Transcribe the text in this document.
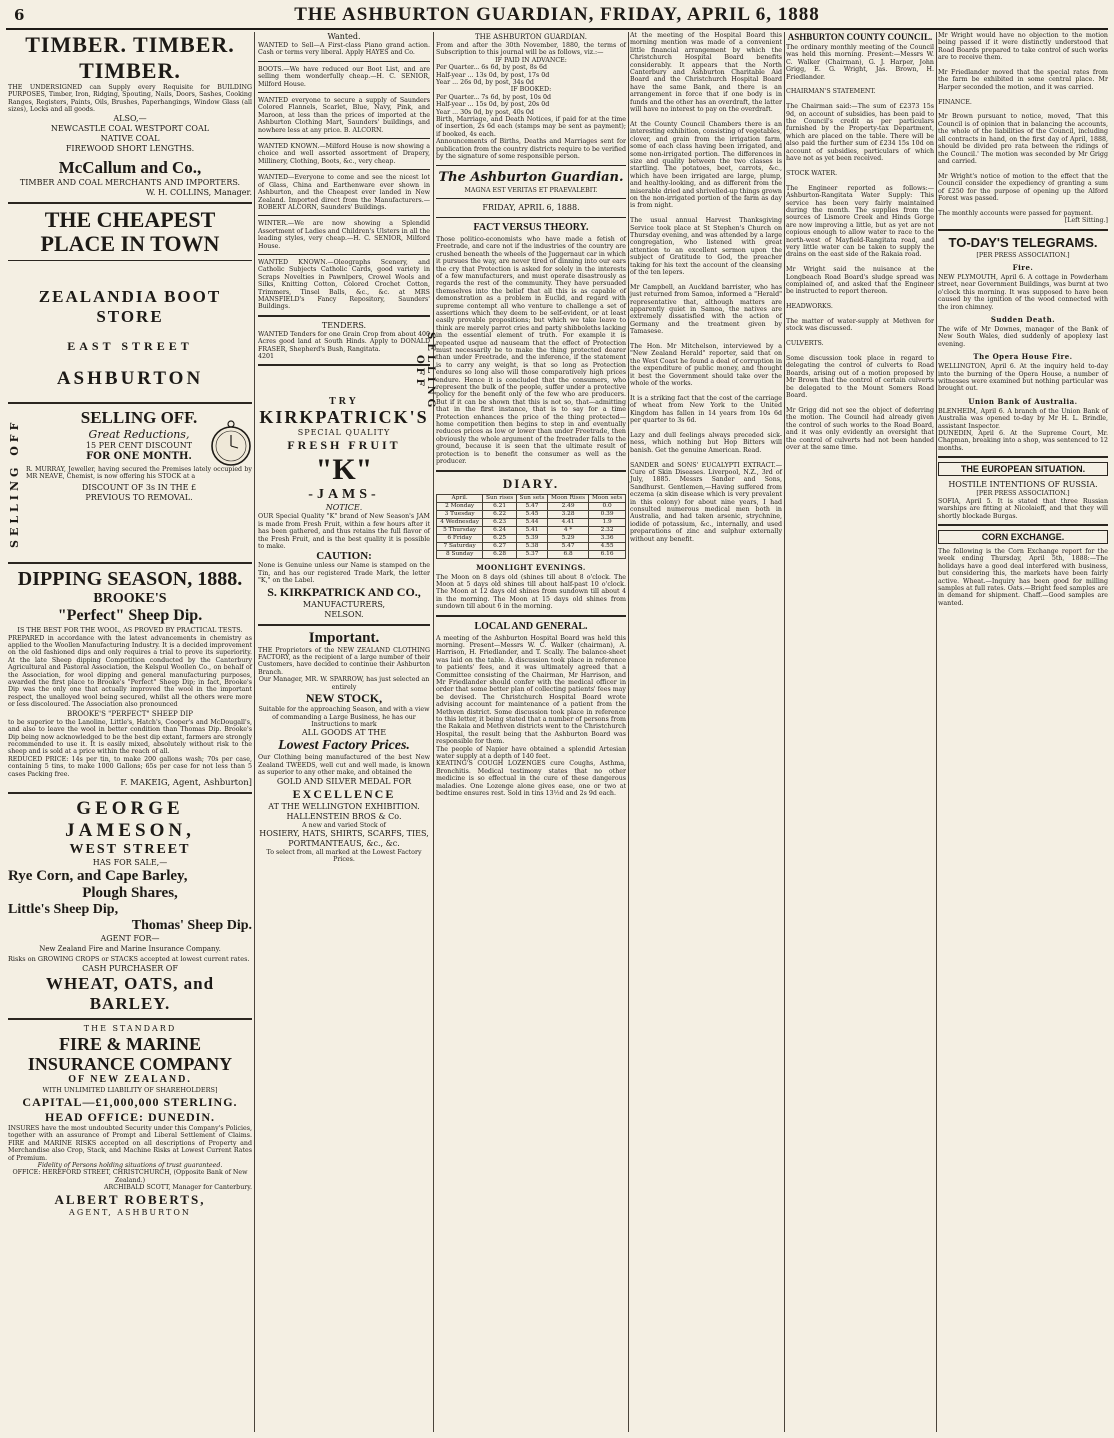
6	THE ASHBURTON GUARDIAN, FRIDAY, APRIL 6, 1888
TIMBER. TIMBER. TIMBER.
THE UNDERSIGNED can Supply every Requisite for BUILDING PURPOSES, Timber, Iron, Ridging, Spouting, Nails, Doors, Sashes, Cooking Ranges, Registers, Paints, Oils, Brushes, Paperhangings, Window Glass (all sizes), Locks and all goods.
ALSO,—
NEWCASTLE COAL WESTPORT COAL
NATIVE COAL
FIREWOOD SHORT LENGTHS.
McCallum and Co.,
TIMBER AND COAL MERCHANTS AND IMPORTERS.
W. H. COLLINS, Manager.
THE CHEAPEST PLACE IN TOWN
ZEALANDIA BOOT STORE
EAST STREET
ASHBURTON
SELLING OFF
SELLING OFF.
Great Reductions,
15 PER CENT DISCOUNT
FOR ONE MONTH.
R. MURRAY, Jeweller, having secured the Premises lately occupied by MR NEAVE, Chemist, is now offering his STOCK at a
DISCOUNT OF 3s IN THE £
PREVIOUS TO REMOVAL.
DIPPING SEASON, 1888.
BROOKE'S
"Perfect" Sheep Dip.
IS THE BEST FOR THE WOOL, AS PROVED BY PRACTICAL TESTS.
PREPARED in accordance with the latest advancements in chemistry as applied to the Woollen Manufacturing Industry. It is a decided improvement on the old fashioned dips and only requires a trial to prove its superiority. At the late Sheep dipping Competition conducted by the Canterbury Agricultural and Pastoral Association, the Kelspul Woollen Co., on behalf of the Association, for wool dipping and general manufacturing purposes, awarded the first place to Brooke's "Perfect" Sheep Dip; in fact, Brooke's Dip was the only one that actually improved the wool in the important respect, the unalloyed wool being secured, whilst all the others were more or less discoloured. The Association also pronounced
BROOKE'S "PERFECT" SHEEP DIP
to be superior to the Lanoline, Little's, Hatch's, Cooper's and McDougall's, and also to leave the wool in better condition than Thomas Dip. Brooke's Dip being now acknowledged to be the best dip extant, farmers are strongly recommended to use it. It is easily mixed, absolutely without risk to the sheep and is sold at a price within the reach of all.
REDUCED PRICE: 14s per tin, to make 200 gallons wash; 70s per case, containing 5 tins, to make 1000 Gallons; 65s per case for not less than 5 cases Packing free.
F. MAKEIG, Agent, Ashburton]
GEORGE JAMESON,
WEST STREET
HAS FOR SALE,—
Rye Corn, and Cape Barley,
Plough Shares,
Little's Sheep Dip,
Thomas' Sheep Dip.
AGENT FOR—
New Zealand Fire and Marine Insurance Company.
Risks on GROWING CROPS or STACKS accepted at lowest current rates.
CASH PURCHASER OF
WHEAT, OATS, and BARLEY.
THE STANDARD
FIRE & MARINE INSURANCE COMPANY
OF NEW ZEALAND.
WITH UNLIMITED LIABILITY OF SHAREHOLDERS]
CAPITAL—£1,000,000 STERLING.
HEAD OFFICE: DUNEDIN.
INSURES have the most undoubted Security under this Company's Policies, together with an assurance of Prompt and Liberal Settlement of Claims. FIRE and MARINE RISKS accepted on all descriptions of Property and Merchandise also Crop, Stack, and Machine Risks at Lowest Current Rates of Premium.
Fidelity of Persons holding situations of trust guaranteed.
OFFICE: HEREFORD STREET, CHRISTCHURCH, (Opposite Bank of New Zealand.)
ARCHIBALD SCOTT, Manager for Canterbury.
ALBERT ROBERTS,
AGENT, ASHBURTON
Wanted.
WANTED to Sell—A First-class Piano grand action. Cash or terms very liberal. Apply HAYES and Co.
BOOTS.—We have reduced our Boot List, and are selling them wonderfully cheap.—H. C. SENIOR, Milford House.
WANTED everyone to secure a supply of Saunders Colored Flannels, Scarlet, Blue, Navy, Pink, and Maroon, at less than the prices of imported at the Ashburton Clothing Mart, Saunders' buildings, and nowhere less at any price. B. ALCORN.
WANTED KNOWN.—Milford House is now showing a choice and well assorted assortment of Drapery, Millinery, Clothing, Boots, &c., very cheap.
WANTED—Everyone to come and see the nicest lot of Glass, China and Earthenware ever shown in Ashburton, and the Cheapest ever landed in New Zealand. Imported direct from the Manufacturers.—ROBERT ALCORN, Saunders' Buildings.
WINTER.—We are now showing a Splendid Assortment of Ladies and Children's Ulsters in all the leading styles, very cheap.—H. C. SENIOR, Milford House.
WANTED KNOWN.—Oleographs Scenery, and Catholic Subjects Catholic Cards, good variety in Scraps Novelties in Pawnlpers, Crowel Wools and Silks, Knitting Cotton, Colored Crochet Cotton, Trimmers, Tinsel Balls, &c., &c. at MRS MANSFIELD's Fancy Repository, Saunders' Buildings.
TENDERS.
WANTED Tenders for one Grain Crop from about 400 Acres good land at South Hinds. Apply to DONALD FRASER, Shepherd's Bush, Rangitata.
4201	SELLING OFF
TRY
KIRKPATRICK'S
SPECIAL QUALITY
FRESH FRUIT
"K"
-JAMS-
NOTICE.
OUR Special Quality "K" brand of New Season's JAM is made from Fresh Fruit, within a few hours after it has been gathered, and thus retains the full flavor of the Fresh Fruit, and is the best quality it is possible to make.
CAUTION:
None is Genuine unless our Name is stamped on the Tin, and has our registered Trade Mark, the letter "K," on the Label.
S. KIRKPATRICK AND CO.,
MANUFACTURERS,
NELSON.
Important.
THE Proprietors of the NEW ZEALAND CLOTHING FACTORY, as the recipient of a large number of their Customers, have decided to continue their Ashburton Branch.
Our Manager, MR. W. SPARROW, has just selected an entirely
NEW STOCK,
Suitable for the approaching Season, and with a view of commanding a Large Business, he has our Instructions to mark
ALL GOODS AT THE
Lowest Factory Prices.
Our Clothing being manufactured of the best New Zealand TWEEDS, well cut and well made, is known as superior to any other make, and obtained the
GOLD AND SILVER MEDAL FOR
EXCELLENCE
AT THE WELLINGTON EXHIBITION.
HALLENSTEIN BROS & Co.
A new and varied Stock of
HOSIERY, HATS, SHIRTS, SCARFS, TIES, PORTMANTEAUS, &c., &c.
To select from, all marked at the Lowest Factory Prices.
THE ASHBURTON GUARDIAN.
From and after the 30th November, 1880, the terms of Subscription to this journal will be as follows, viz.:—
IF PAID IN ADVANCE:
Per Quarter... 6s 6d, by post, 8s 6d
Half-year ... 13s 0d, by post, 17s 0d
Year ... 26s 0d, by post, 34s 0d
IF BOOKED:
Per Quarter... 7s 6d, by post, 10s 0d
Half-year ... 15s 0d, by post, 20s 0d
Year ... 30s 0d, by post, 40s 0d
Birth, Marriage, and Death Notices, if paid for at the time of insertion, 2s 6d each (stamps may be sent as payment); if booked, 4s each.
Announcements of Births, Deaths and Marriages sent for publication from the country districts require to be verified by the signature of some responsible person.
The Ashburton Guardian.
MAGNA EST VERITAS ET PRAEVALEBIT.
FRIDAY, APRIL 6, 1888.
FACT VERSUS THEORY.
Those politico-economists who have made a fetish of Freetrade, and care not if the industries of the country are crushed beneath the wheels of the Juggernaut car in which it pursues the way, are never tired of dinning into our ears the cry that Protection is asked for solely in the interests of a few manufacturers, and must operate disastrously as regards the rest of the community. They have persuaded themselves into the belief that all this is as capable of demonstration as a problem in Euclid, and regard with supreme contempt all who venture to challenge a set of assertions which they deem to be self-evident, or at least easily provable propositions; but which we take leave to think are merely parrot cries and party shibboleths lacking in the essential element of truth. For example it is repeated usque ad nauseam that the effect of Protection must necessarily be to make the thing protected dearer than under Freetrade, and the inference, if the statement is to carry any weight, is that so long as Protection endures so long also will those comparatively high prices endure. Hence it is concluded that the consumers, who represent the bulk of the people, suffer under a protective policy for the benefit only of the few who are producers. But if it can be shown that this is not so, that—admitting that in the first instance, that is to say for a time Protection enhances the price of the thing protected—home competition then begins to step in and eventually reduces prices as low or lower than under Freetrade, then obviously the whole argument of the freetrader falls to the ground, because it is seen that the ultimate result of protection is to benefit the consumer as well as the producer.
DIARY.
April.	Sun rises	Sun sets	Moon Rises	Moon sets
2 Monday	6.21	5.47	2.49	0.0
3 Tuesday	6.22	5.45	3.28	0.39
4 Wednesday	6.23	5.44	4.41	1.9
5 Thursday	6.24	5.41	4 *	2.32
6 Friday	6.25	5.39	5.29	3.36
7 Saturday	6.27	5.38	5.47	4.55
8 Sunday	6.28	5.37	6.8	6.16
MOONLIGHT EVENINGS.
The Moon on 8 days old (shines till about 8 o'clock. The Moon at 5 days old shines till about half-past 10 o'clock. The Moon at 12 days old shines from sundown till about 4 in the morning. The Moon at 15 days old shines from sundown till about 6 in the morning.
LOCAL AND GENERAL.
A meeting of the Ashburton Hospital Board was held this morning. Present—Messrs W. C. Walker (chairman), A. Harrison, H. Friedlander, and T. Scally. The balance-sheet was laid on the table. A discussion took place in reference to patients' fees, and it was ultimately agreed that a Committee consisting of the Chairman, Mr Harrison, and Mr Friedlander should confer with the medical officer in order that some better plan of collecting patients' fees may be devised. The Christchurch Hospital Board wrote advising account for maintenance of a patient from the Methven district. Some discussion took place in reference to this letter, it being stated that a number of persons from the Rakaia and Methven districts went to the Christchurch Hospital, the result being that the Ashburton Board was responsible for them.
The people of Napier have obtained a splendid Artesian water supply at a depth of 140 feet.
KEATING'S COUGH LOZENGES cure Coughs, Asthma, Bronchitis. Medical testimony states that no other medicine is so effectual in the cure of these dangerous maladies. One Lozenge alone gives ease, one or two at bedtime ensures rest. Sold in tins 13½d and 2s 9d each.
At the meeting of the Hospital Board this morning mention was made of a convenient little financial arrangement by which the Christchurch Hospital Board benefits considerably. It appears that the North Canterbury and Ashburton Charitable Aid Board and the Christchurch Hospital Board have the same Bank, and there is an arrangement in force that if one body is in funds and the other has an overdraft, the latter will have no interest to pay on the overdraft.

At the County Council Chambers there is an interesting exhibition, consisting of vegetables, clover, and grain from the irrigation farm, some of each class having been irrigated, and some non-irrigated portion. The differences in size and quality between the two classes is startling. The potatoes, beet, carrots, &c., which have been irrigated are large, plump, and healthy-looking, and as different from the miserable dried and shrivelled-up things grown on the non-irrigated portion of the farm as day is from night.

The usual annual Harvest Thanksgiving Service took place at St Stephen's Church on Thursday evening, and was attended by a large congregation, who listened with great attention to an excellent sermon upon the subject of Gratitude to God, the preacher taking for his text the account of the cleansing of the ten lepers.

Mr Campbell, an Auckland barrister, who has just returned from Samoa, informed a "Herald" representative that, although matters are apparently quiet in Samoa, the natives are extremely dissatisfied with the action of Germany and the treatment given by Tamasese.

The Hon. Mr Mitchelson, interviewed by a "New Zealand Herald" reporter, said that on the West Coast he found a deal of corruption in the expenditure of public money, and thought it best the Government should take over the whole of the works.

It is a striking fact that the cost of the carriage of wheat from New York to the United Kingdom has fallen in 14 years from 10s 6d per quarter to 3s 6d.

Lazy and dull feelings always preceded sick-ness, which nothing but Hop Bitters will banish. Get the genuine American. Read.

SANDER and SONS' EUCALYPTI EXTRACT.—Cure of Skin Diseases. Liverpool, N.Z., 3rd of July, 1885. Messrs Sander and Sons, Sandhurst. Gentlemen,—Having suffered from eczema (a skin disease which is very prevalent in this colony) for about nine years, I had consulted numerous medical men both in Australia, and had taken arsenic, strychnine, iodide of potassium, &c., internally, and used preparations of zinc and sulphur externally without any benefit.
ASHBURTON COUNTY COUNCIL.
The ordinary monthly meeting of the Council was held this morning. Present:—Messrs W. C. Walker (Chairman), G. J. Harper, John Grigg, E. G. Wright, Jas. Brown, H. Friedlander.

CHAIRMAN'S STATEMENT.

The Chairman said:—The sum of £2373 15s 9d, on account of subsidies, has been paid to the Council's credit as per particulars furnished by the Property-tax Department, which are placed on the table. There will be also paid the further sum of £234 15s 10d on account of subsidies, particulars of which have not as yet been received.

STOCK WATER.

The Engineer reported as follows:—Ashburton-Rangitata Water Supply: This service has been very fairly maintained during the month. The supplies from the sources of Lismore Creek and Hinds Gorge are now improving a little, but as yet are not copious enough to allow water to race to the north-west of Mayfield-Rangitata road, and very little water can be taken to supply the drains on the east side of the Rakaia road.

Mr Wright said the nuisance at the Longbeach Road Board's sludge spread was complained of, and asked that the Engineer be instructed to report thereon.

HEADWORKS.

The matter of water-supply at Methven for stock was discussed.

CULVERTS.

Some discussion took place in regard to delegating the control of culverts to Road Boards, arising out of a motion proposed by Mr Brown that the control of certain culverts be delegated to the Mount Somers Road Board.

Mr Grigg did not see the object of deferring the motion. The Council had already given the control of such works to the Road Board, and it was only evidently an oversight that the control of culverts had not been handed over at the same time.
Mr Wright would have no objection to the motion being passed if it were distinctly understood that Road Boards prepared to take control of such works are to receive them.

Mr Friedlander moved that the special rates from the farm be exhibited in some central place. Mr Harper seconded the motion, and it was carried.

FINANCE.

Mr Brown pursuant to notice, moved, 'That this Council is of opinion that in balancing the accounts, the whole of the liabilities of the Council, including all contracts in hand, on the first day of April, 1888, should be divided pro rata between the ridings of the Council.' The motion was seconded by Mr Grigg and carried.

Mr Wright's notice of motion to the effect that the Council consider the expediency of granting a sum of £250 for the purpose of opening up the Alford Forest was passed.

The monthly accounts were passed for payment.
[Left Sitting.]
TO-DAY'S TELEGRAMS.
[PER PRESS ASSOCIATION.]
Fire.
NEW PLYMOUTH, April 6. A cottage in Powderham street, near Government Buildings, was burnt at two o'clock this morning. It was supposed to have been caused by the ignition of the wood connected with the iron chimney.
Sudden Death.
The wife of Mr Downes, manager of the Bank of New South Wales, died suddenly of apoplexy last evening.
The Opera House Fire.
WELLINGTON, April 6. At the inquiry held to-day into the burning of the Opera House, a number of witnesses were examined but nothing particular was brought out.
Union Bank of Australia.
BLENHEIM, April 6. A branch of the Union Bank of Australia was opened to-day by Mr H. L. Brindle, assistant Inspector.
DUNEDIN, April 6. At the Supreme Court, Mr. Chapman, breaking into a shop, was sentenced to 12 months.
THE EUROPEAN SITUATION.
HOSTILE INTENTIONS OF RUSSIA.
[PER PRESS ASSOCIATION.]
SOFIA, April 5. It is stated that three Russian warships are fitting at Nicolaieff, and that they will shortly blockade Burgas.
CORN EXCHANGE.
The following is the Corn Exchange report for the week ending Thursday, April 5th, 1888:—The holidays have a good deal interfered with business, but considering this, the markets have been fairly active. Wheat.—Inquiry has been good for milling samples at full rates. Oats.—Bright feed samples are in demand for shipment. Chaff.—Good samples are wanted.
